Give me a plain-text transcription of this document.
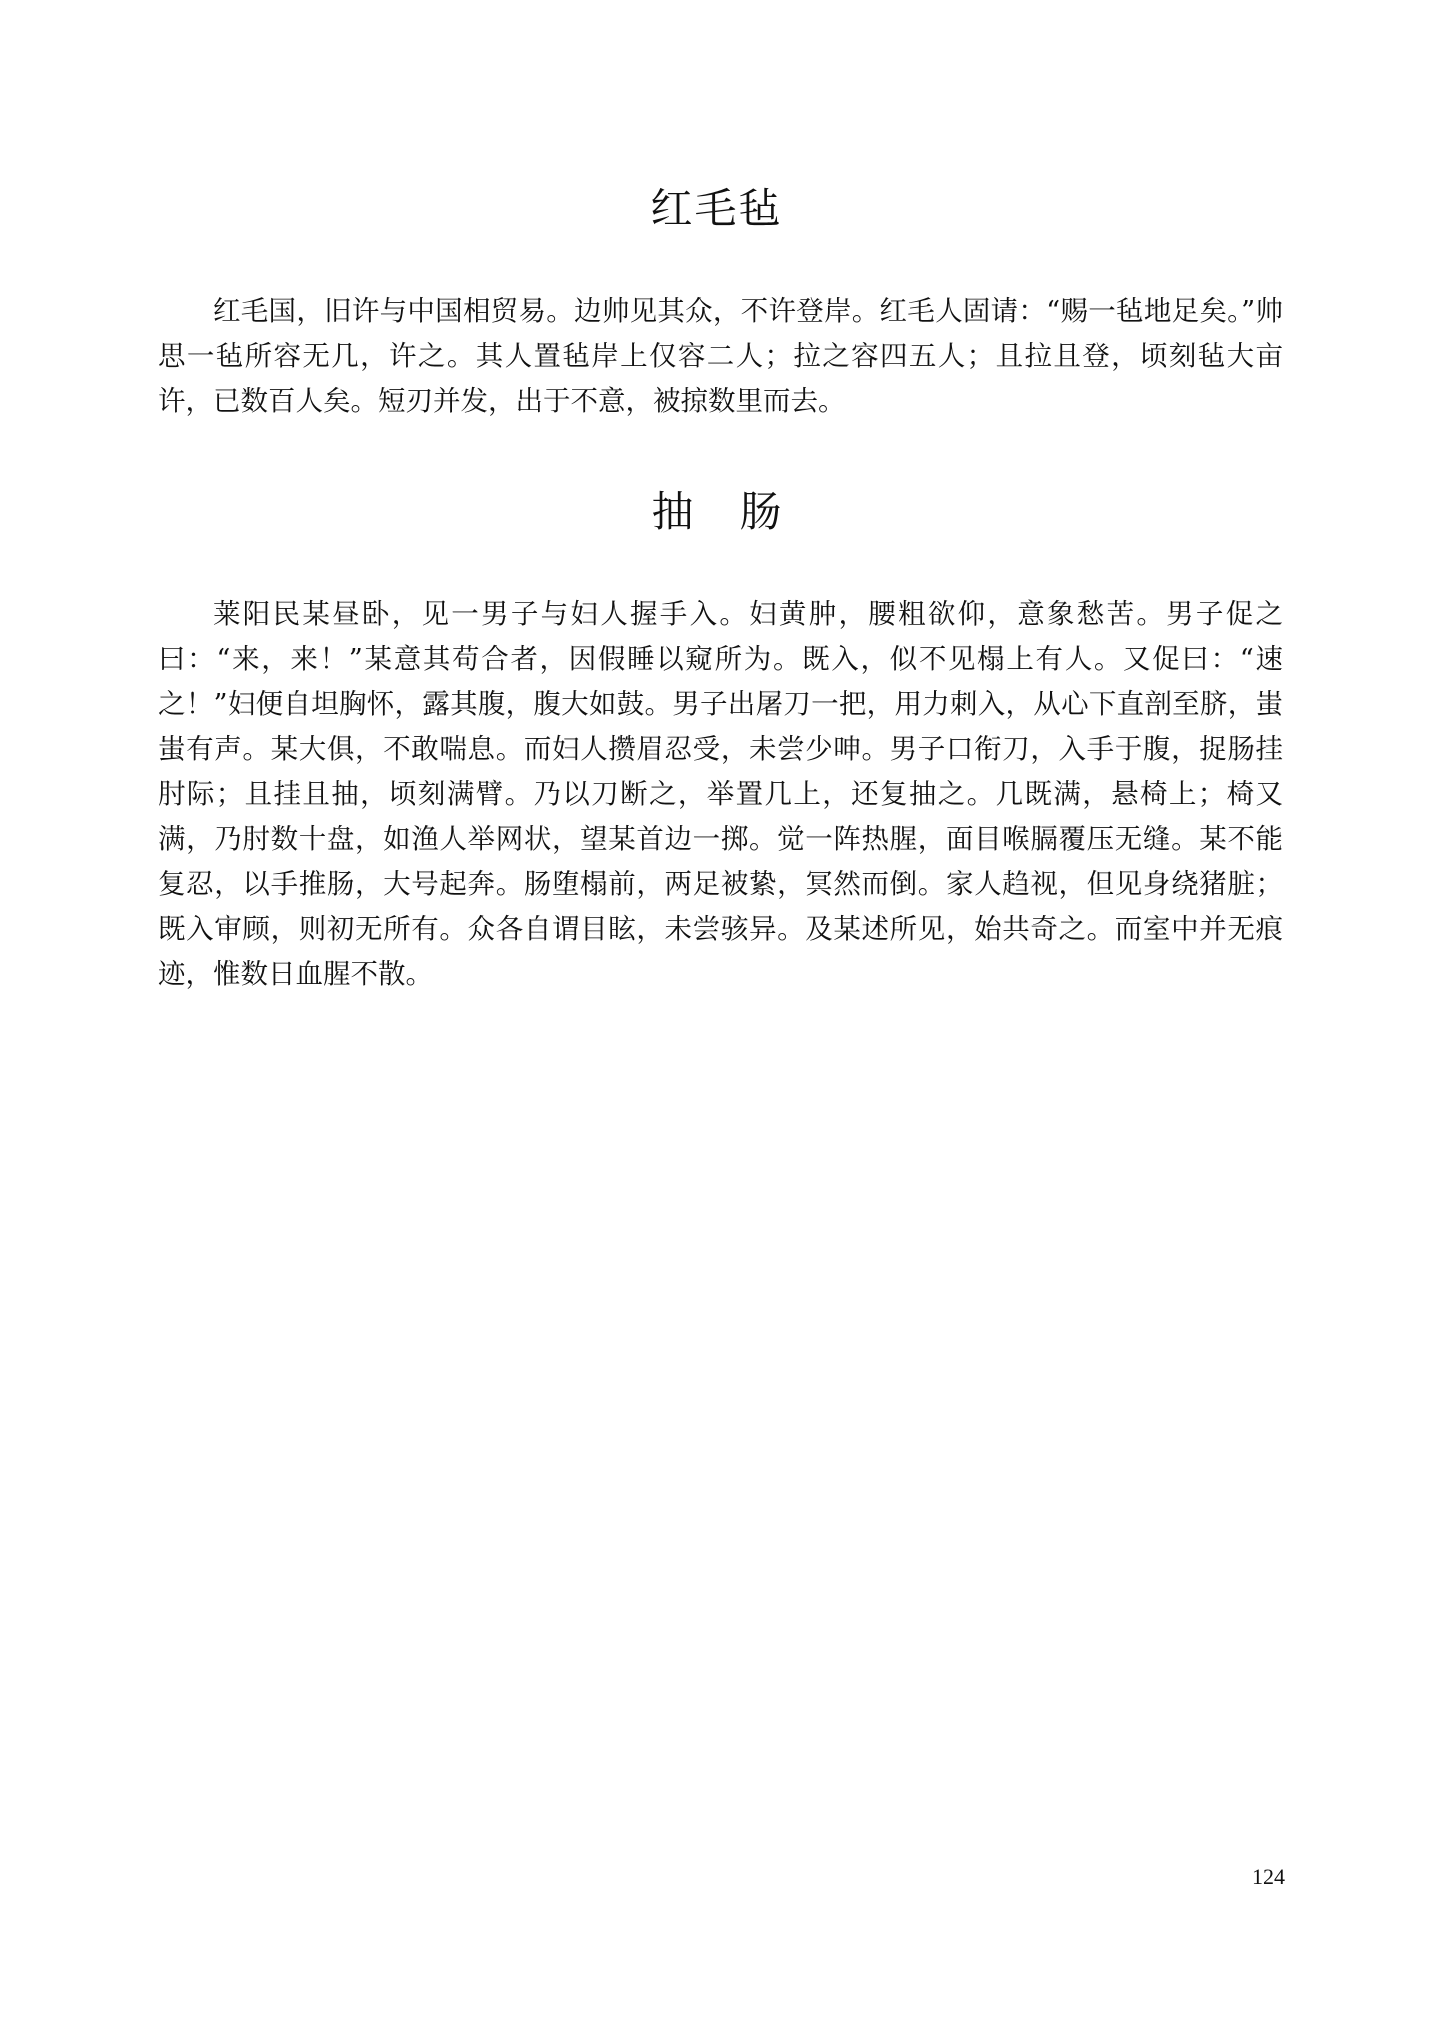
红毛毡

红毛国，旧许与中国相贸易。边帅见其众，不许登岸。红毛人固请：“赐一毡地足矣。”帅思一毡所容无几，许之。其人置毡岸上仅容二人；拉之容四五人；且拉且登，顷刻毡大亩许，已数百人矣。短刃并发，出于不意，被掠数里而去。

抽肠

莱阳民某昼卧，见一男子与妇人握手入。妇黄肿，腰粗欲仰，意象愁苦。男子促之曰：“来，来！”某意其苟合者，因假睡以窥所为。既入，似不见榻上有人。又促曰：“速之！”妇便自坦胸怀，露其腹，腹大如鼓。男子出屠刀一把，用力刺入，从心下直剖至脐，蚩蚩有声。某大俱，不敢喘息。而妇人攒眉忍受，未尝少呻。男子口衔刀，入手于腹，捉肠挂肘际；且挂且抽，顷刻满臂。乃以刀断之，举置几上，还复抽之。几既满，悬椅上；椅又满，乃肘数十盘，如渔人举网状，望某首边一掷。觉一阵热腥，面目喉膈覆压无缝。某不能复忍，以手推肠，大号起奔。肠堕榻前，两足被絷，冥然而倒。家人趋视，但见身绕猪脏；既入审顾，则初无所有。众各自谓目眩，未尝骇异。及某述所见，始共奇之。而室中并无痕迹，惟数日血腥不散。

124
